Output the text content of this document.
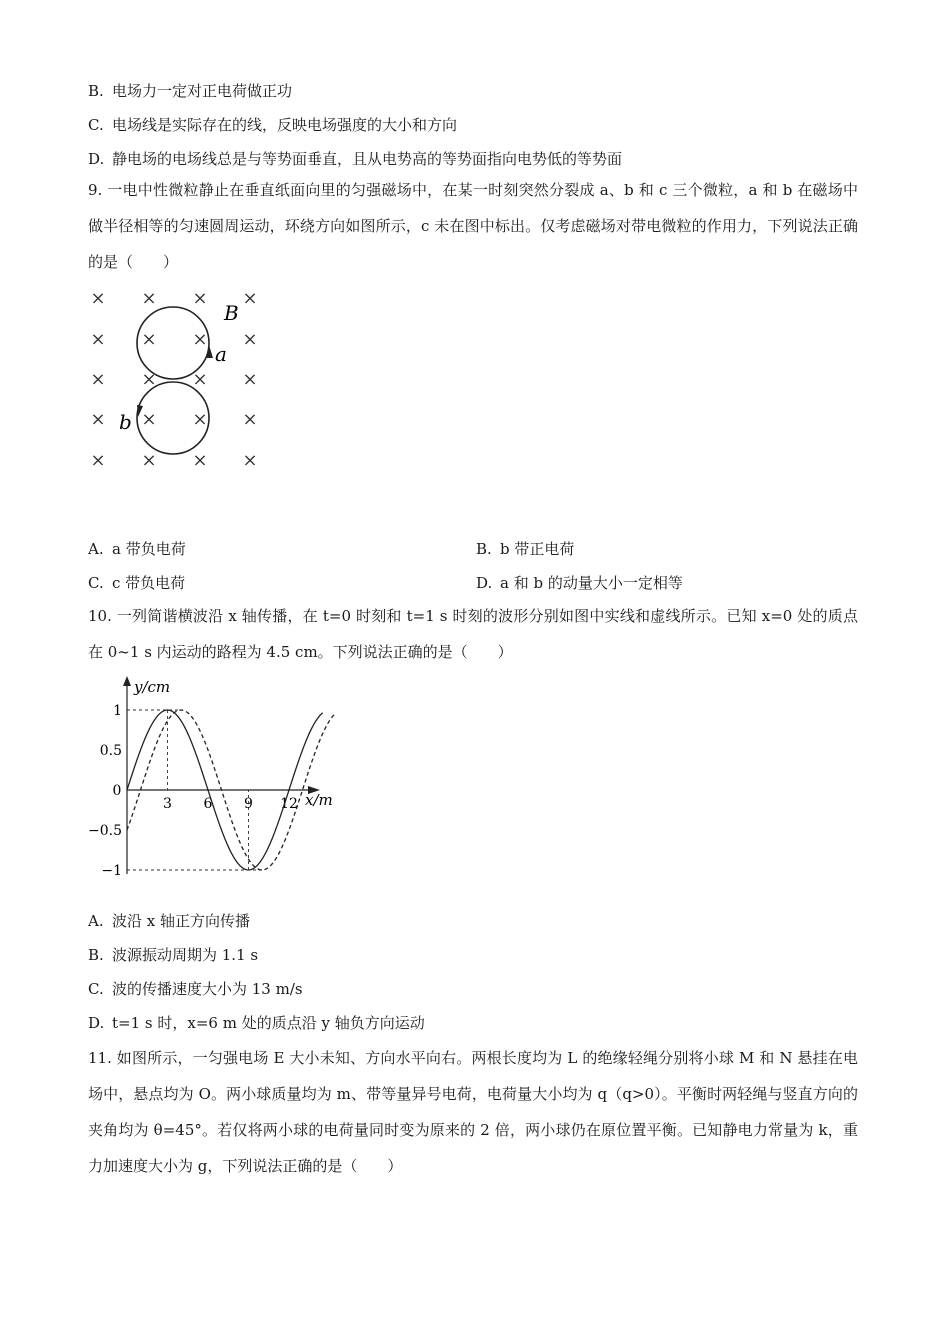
B. 电场力一定对正电荷做正功
C. 电场线是实际存在的线，反映电场强度的大小和方向
D. 静电场的电场线总是与等势面垂直，且从电势高的等势面指向电势低的等势面
9. 一电中性微粒静止在垂直纸面向里的匀强磁场中，在某一时刻突然分裂成 a、b 和 c 三个微粒，a 和 b 在磁场中做半径相等的匀速圆周运动，环绕方向如图所示，c 未在图中标出。仅考虑磁场对带电微粒的作用力，下列说法正确的是（　　）
× × × ×
× × × ×
× × × ×
× × × ×
× × × ×
B
a
b
A. a 带负电荷	B. b 带正电荷
C. c 带负电荷	D. a 和 b 的动量大小一定相等
10. 一列简谐横波沿 x 轴传播，在 t=0 时刻和 t=1 s 时刻的波形分别如图中实线和虚线所示。已知 x=0 处的质点在 0~1 s 内运动的路程为 4.5 cm。下列说法正确的是（　　）
y/cm
x/m
0
3 6 9 12
1
0.5
−0.5
−1
A. 波沿 x 轴正方向传播
B. 波源振动周期为 1.1 s
C. 波的传播速度大小为 13 m/s
D. t=1 s 时，x=6 m 处的质点沿 y 轴负方向运动
11. 如图所示，一匀强电场 E 大小未知、方向水平向右。两根长度均为 L 的绝缘轻绳分别将小球 M 和 N 悬挂在电场中，悬点均为 O。两小球质量均为 m、带等量异号电荷，电荷量大小均为 q（q>0）。平衡时两轻绳与竖直方向的夹角均为 θ=45°。若仅将两小球的电荷量同时变为原来的 2 倍，两小球仍在原位置平衡。已知静电力常量为 k，重力加速度大小为 g，下列说法正确的是（　　）
